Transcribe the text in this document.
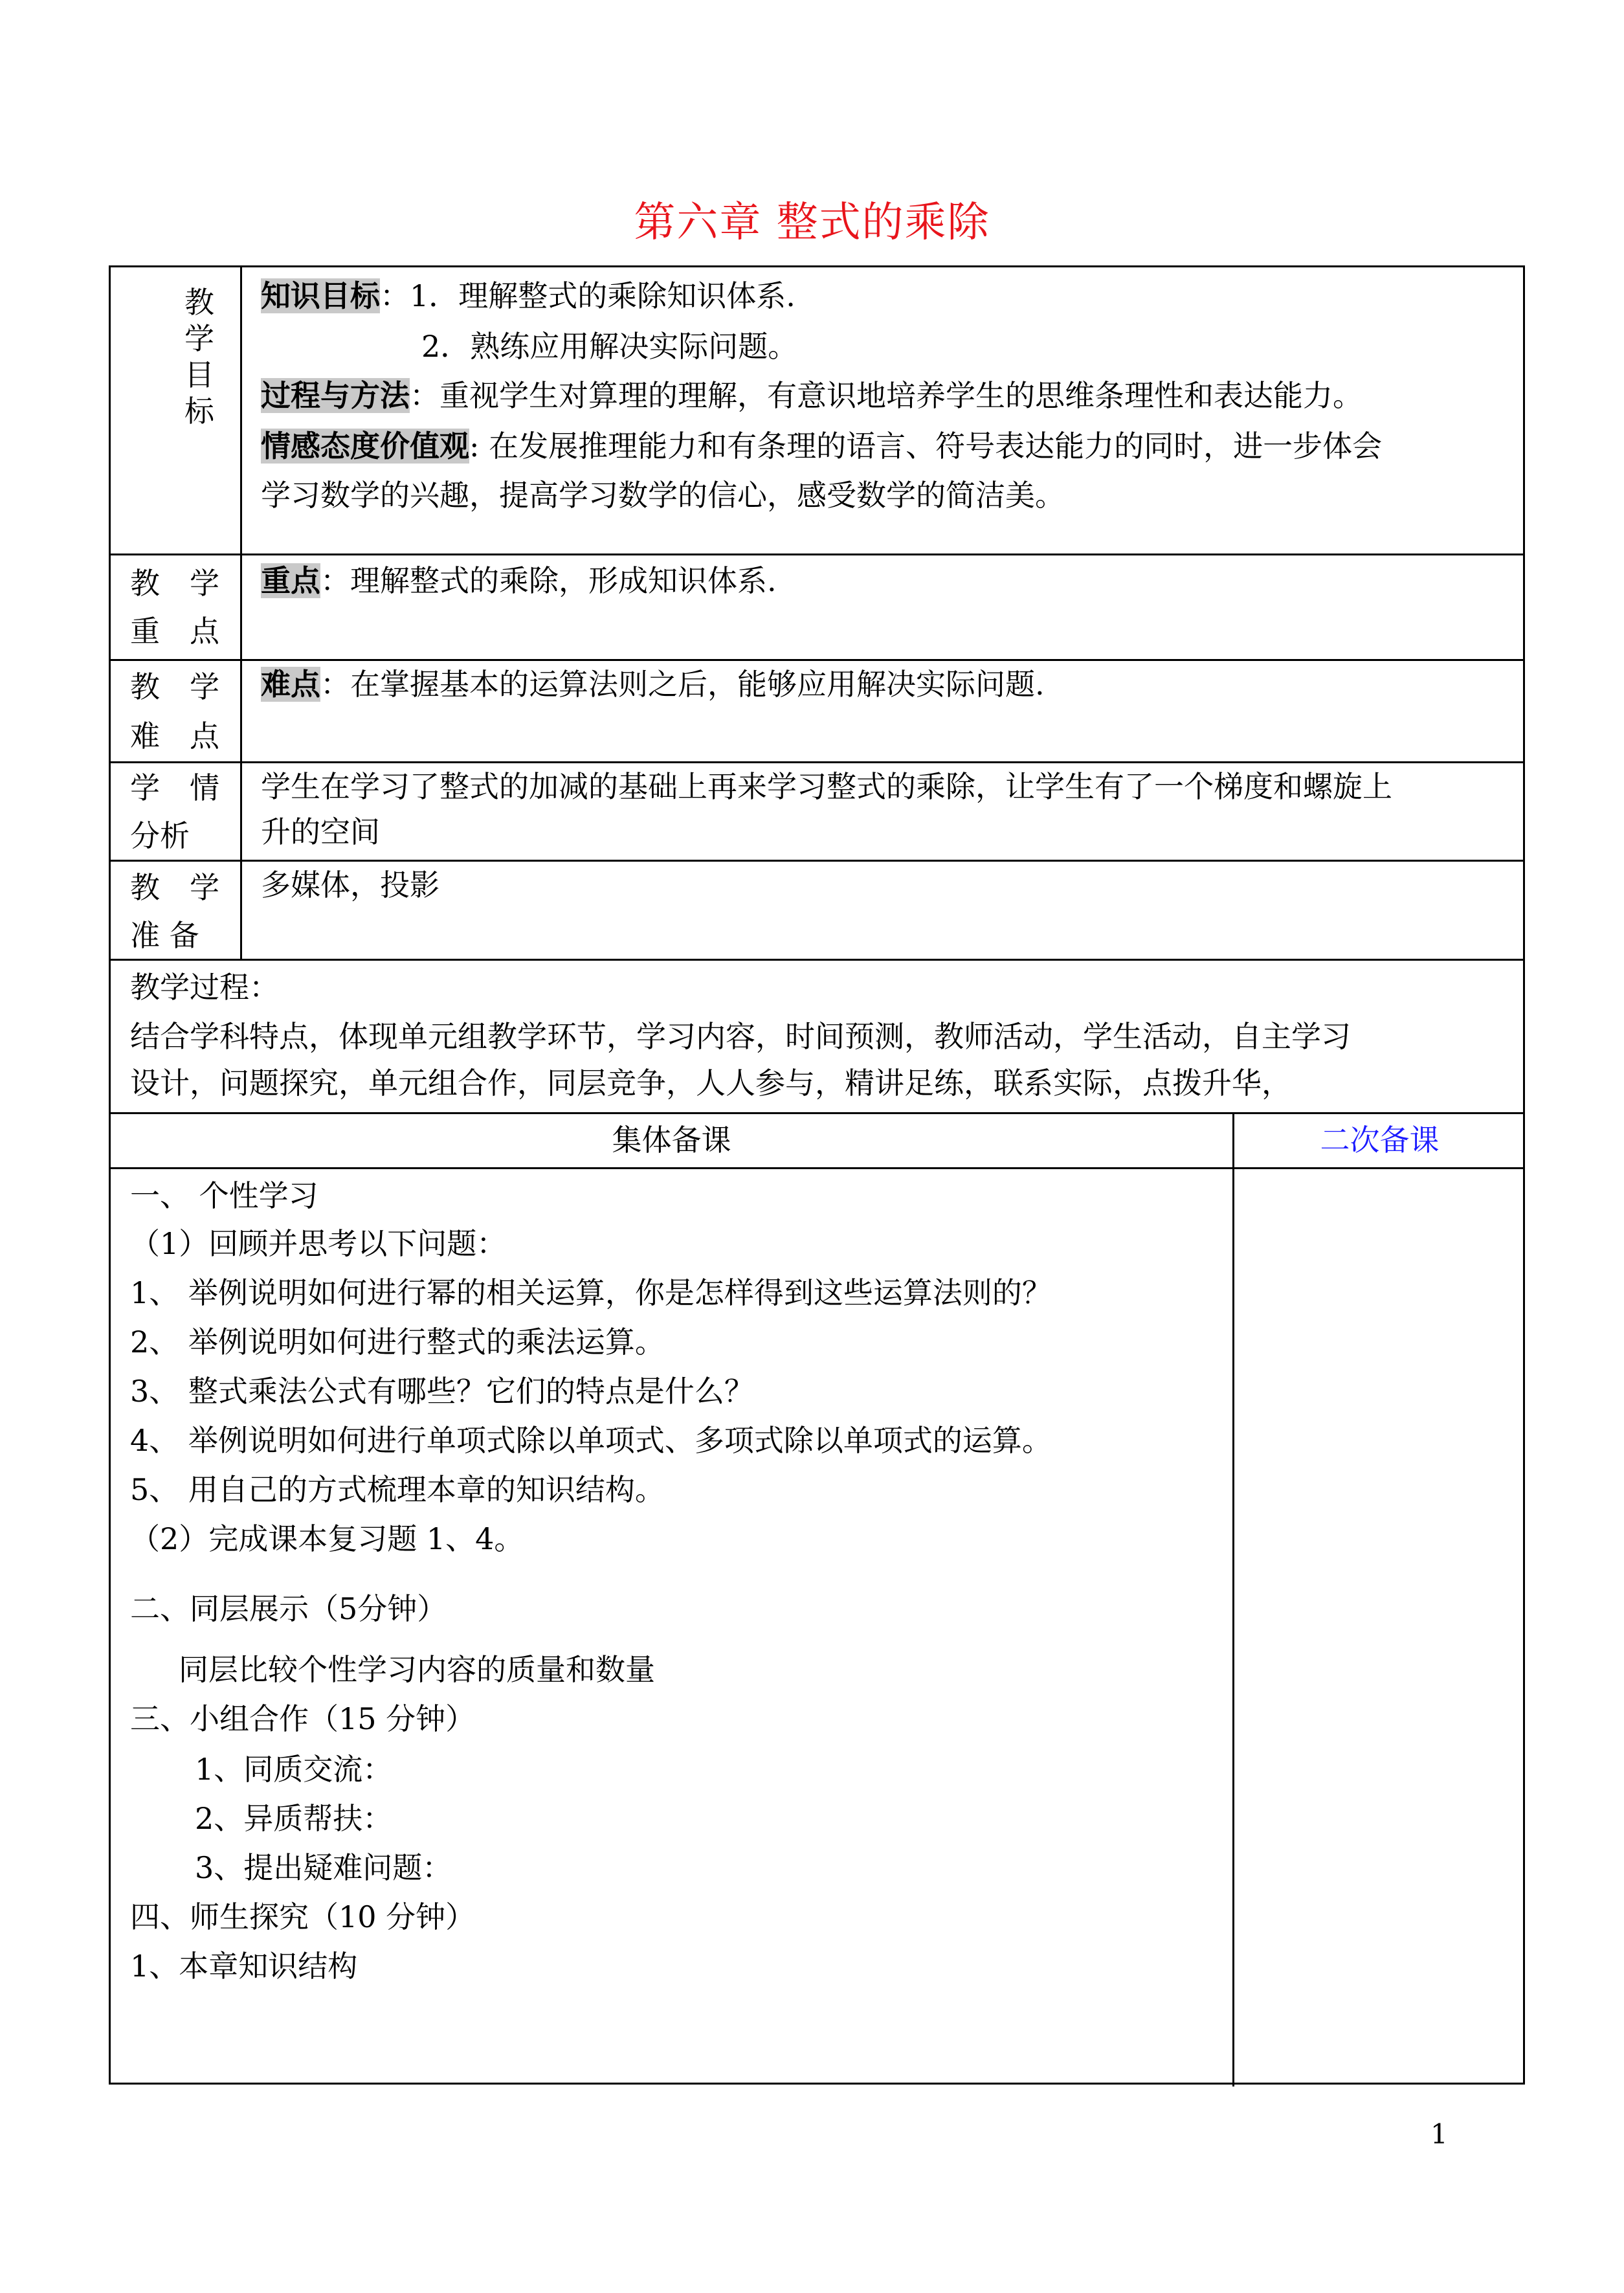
第六章 整式的乘除
教
学
目
标
知识目标：1．理解整式的乘除知识体系.
2．熟练应用解决实际问题。
过程与方法：重视学生对算理的理解，有意识地培养学生的思维条理性和表达能力。
情感态度价值观: 在发展推理能力和有条理的语言、符号表达能力的同时，进一步体会
学习数学的兴趣，提高学习数学的信心，感受数学的简洁美。
教　学
重　点
重点：理解整式的乘除，形成知识体系.
教　学
难　点
难点：在掌握基本的运算法则之后，能够应用解决实际问题.
学　情
分析
学生在学习了整式的加减的基础上再来学习整式的乘除，让学生有了一个梯度和螺旋上
升的空间
教　学
准 备
多媒体，投影
教学过程：
结合学科特点，体现单元组教学环节，学习内容，时间预测，教师活动，学生活动，自主学习
设计，问题探究，单元组合作，同层竞争，人人参与，精讲足练，联系实际，点拨升华，
集体备课	二次备课
一、 个性学习
（1）回顾并思考以下问题：
1、 举例说明如何进行幂的相关运算，你是怎样得到这些运算法则的？
2、 举例说明如何进行整式的乘法运算。
3、 整式乘法公式有哪些？它们的特点是什么？
4、 举例说明如何进行单项式除以单项式、多项式除以单项式的运算。
5、 用自己的方式梳理本章的知识结构。
（2）完成课本复习题 1、4。
二、同层展示（5分钟）
同层比较个性学习内容的质量和数量
三、小组合作（15 分钟）
1、同质交流：
2、异质帮扶：
3、提出疑难问题：
四、师生探究（10 分钟）
1、本章知识结构
1
